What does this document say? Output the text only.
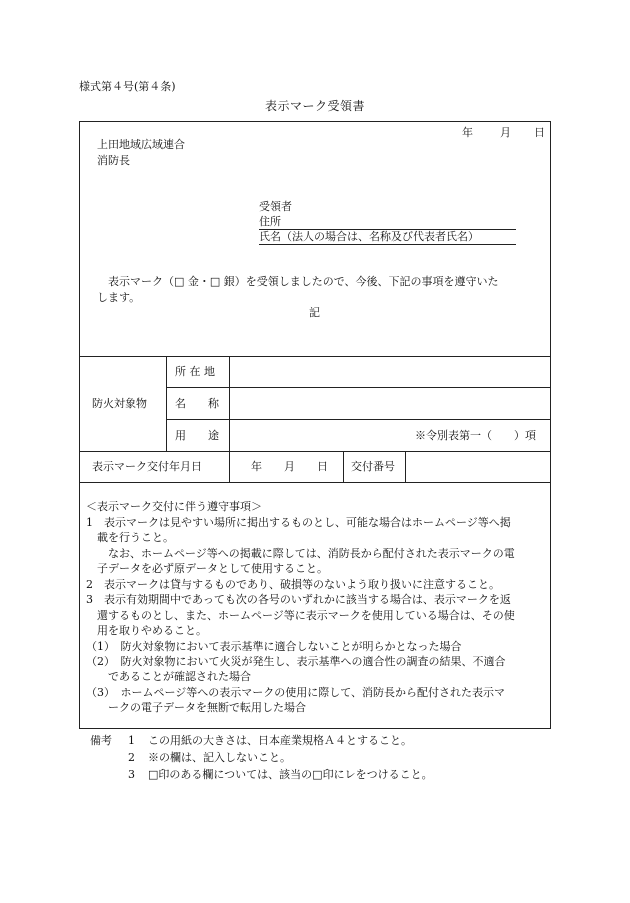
様式第４号(第４条)
表示マーク受領書
年 月 日
上田地域広域連合
消防長
受領者
住所
氏名（法人の場合は、名称及び代表者氏名）
表示マーク（□ 金・□ 銀）を受領しましたので、今後、下記の事項を遵守いた
します。
記
防火対象物
所 在 地
名　　称
用　　途	※令別表第一（　　）項
表示マーク交付年月日	年　　月　　日 交付番号
＜表示マーク交付に伴う遵守事項＞
1　表示マークは見やすい場所に掲出するものとし、可能な場合はホームページ等へ掲
載を行うこと。
なお、ホームページ等への掲載に際しては、消防長から配付された表示マークの電
子データを必ず原データとして使用すること。
2　表示マークは貸与するものであり、破損等のないよう取り扱いに注意すること。
3　表示有効期間中であっても次の各号のいずれかに該当する場合は、表示マークを返
還するものとし、また、ホームページ等に表示マークを使用している場合は、その使
用を取りやめること。
（1）　防火対象物において表示基準に適合しないことが明らかとなった場合
（2）　防火対象物において火災が発生し、表示基準への適合性の調査の結果、不適合
であることが確認された場合
（3）　ホームページ等への表示マークの使用に際して、消防長から配付された表示マ
ークの電子データを無断で転用した場合
備考 1 この用紙の大きさは、日本産業規格Ａ４とすること。
2 ※の欄は、記入しないこと。
3 □印のある欄については、該当の□印にレをつけること。
